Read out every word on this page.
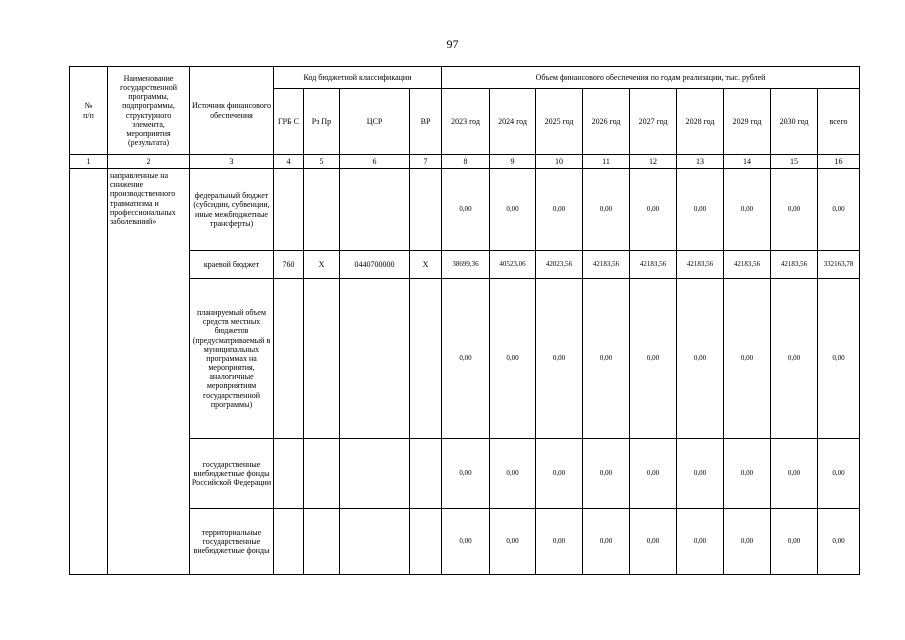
97
№
п/п	Наименование государственной программы, подпрограммы, структурного элемента, мероприятия (результата)	Источник финансового обеспечения	Код бюджетной классификации				Объем финансового обеспечения по годам реализации, тыс. рублей								
			ГРБ С	Рз Пр	ЦСР	ВР	2023 год	2024 год	2025 год	2026 год	2027 год	2028 год	2029 год	2030 год	всего
1	2	3	4	5	6	7	8	9	10	11	12	13	14	15	16
	направленные на снижение производственного травматизма и профессиональных заболеваний»	федеральный бюджет (субсидии, субвенции, иные межбюджетные трансферты)					0,00	0,00	0,00	0,00	0,00	0,00	0,00	0,00	0,00
		краевой бюджет	760	X	0440700000	X	38699,36	40523,06	42023,56	42183,56	42183,56	42183,56	42183,56	42183,56	332163,78
		планируемый объем средств местных бюджетов (предусматриваемый в муниципальных программах на мероприятия, аналогичные мероприятиям государственной программы)					0,00	0,00	0,00	0,00	0,00	0,00	0,00	0,00	0,00
		государственные внебюджетные фонды Российской Федерации					0,00	0,00	0,00	0,00	0,00	0,00	0,00	0,00	0,00
		территориальные государственные внебюджетные фонды					0,00	0,00	0,00	0,00	0,00	0,00	0,00	0,00	0,00
